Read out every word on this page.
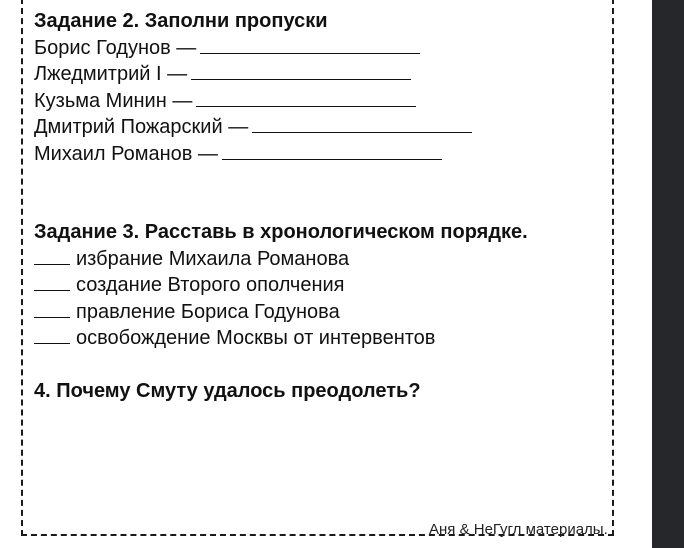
Задание 2. Заполни пропуски

Борис Годунов —

Лжедмитрий I —

Кузьма Минин —

Дмитрий Пожарский —

Михаил Романов —

Задание 3. Расставь в хронологическом порядке.

избрание Михаила Романова

создание Второго ополчения

правление Бориса Годунова

освобождение Москвы от интервентов

4. Почему Смуту удалось преодолеть?

Аня & НеГугл материалы.
